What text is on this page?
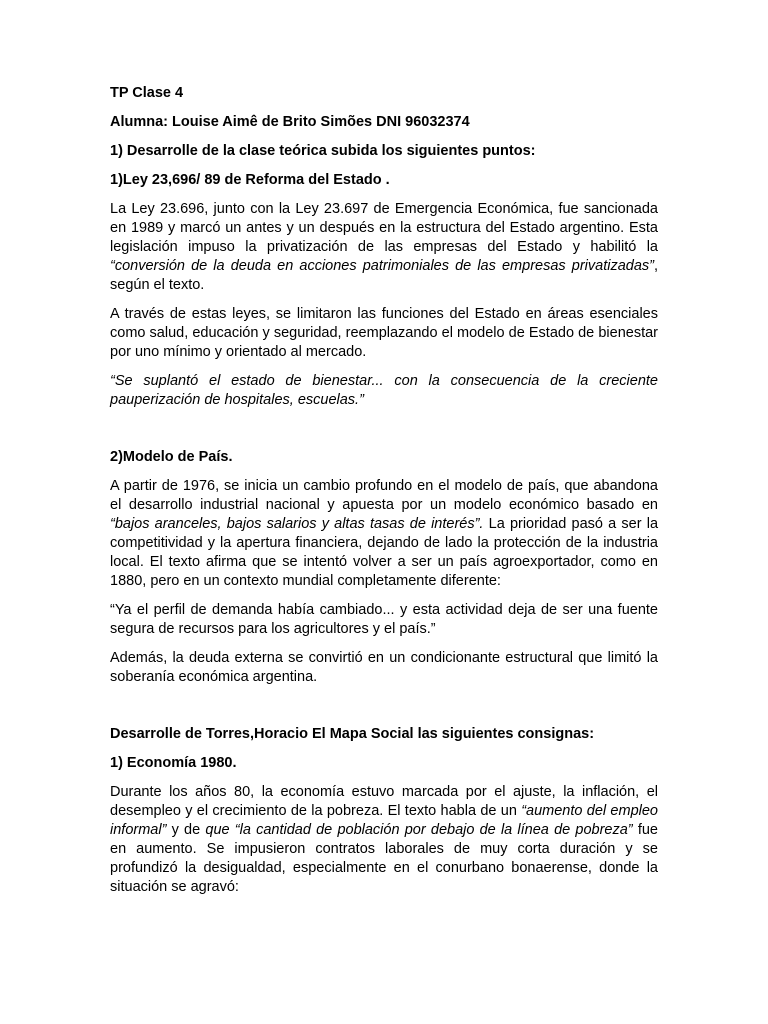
TP Clase 4
Alumna: Louise Aimê de Brito Simões DNI 96032374
1) Desarrolle de la clase teórica subida los siguientes puntos:
1)Ley 23,696/ 89 de Reforma del Estado .

La Ley 23.696, junto con la Ley 23.697 de Emergencia Económica, fue sancionada en 1989 y marcó un antes y un después en la estructura del Estado argentino. Esta legislación impuso la privatización de las empresas del Estado y habilitó la “conversión de la deuda en acciones patrimoniales de las empresas privatizadas”, según el texto.

A través de estas leyes, se limitaron las funciones del Estado en áreas esenciales como salud, educación y seguridad, reemplazando el modelo de Estado de bienestar por uno mínimo y orientado al mercado.

“Se suplantó el estado de bienestar... con la consecuencia de la creciente pauperización de hospitales, escuelas.”

2)Modelo de País.

A partir de 1976, se inicia un cambio profundo en el modelo de país, que abandona el desarrollo industrial nacional y apuesta por un modelo económico basado en “bajos aranceles, bajos salarios y altas tasas de interés”. La prioridad pasó a ser la competitividad y la apertura financiera, dejando de lado la protección de la industria local. El texto afirma que se intentó volver a ser un país agroexportador, como en 1880, pero en un contexto mundial completamente diferente:

“Ya el perfil de demanda había cambiado... y esta actividad deja de ser una fuente segura de recursos para los agricultores y el país.”

Además, la deuda externa se convirtió en un condicionante estructural que limitó la soberanía económica argentina.

Desarrolle de Torres,Horacio El Mapa Social las siguientes consignas:
1) Economía 1980.

Durante los años 80, la economía estuvo marcada por el ajuste, la inflación, el desempleo y el crecimiento de la pobreza. El texto habla de un “aumento del empleo informal” y de que “la cantidad de población por debajo de la línea de pobreza” fue en aumento. Se impusieron contratos laborales de muy corta duración y se profundizó la desigualdad, especialmente en el conurbano bonaerense, donde la situación se agravó:
